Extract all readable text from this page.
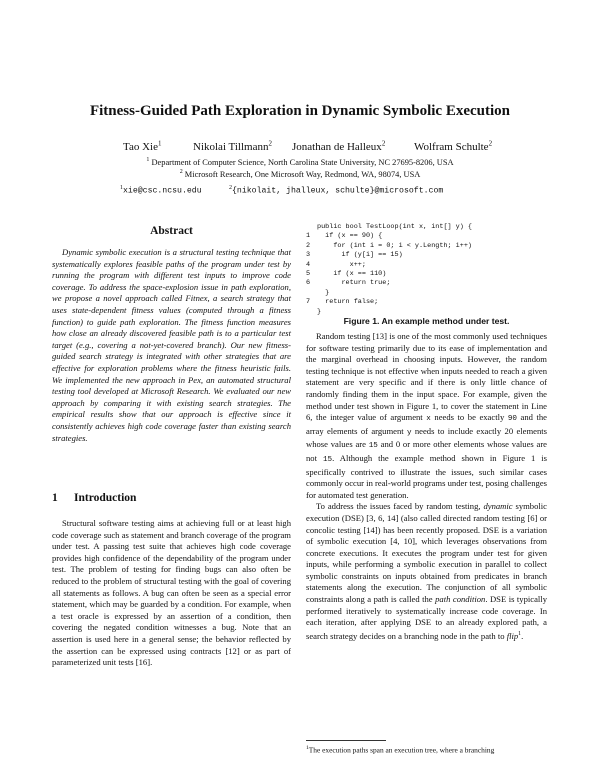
Fitness-Guided Path Exploration in Dynamic Symbolic Execution
Tao Xie$^1$	Nikolai Tillmann$^2$ Jonathan de Halleux$^2$	Wolfram Schulte$^2$
$^1$ Department of Computer Science, North Carolina State University, NC 27695-8206, USA
$^2$ Microsoft Research, One Microsoft Way, Redmond, WA, 98074, USA
$^1$xie@csc.ncsu.edu	$^2${nikolait, jhalleux, schulte}@microsoft.com
Abstract

Dynamic symbolic execution is a structural testing technique that systematically explores feasible paths of the program under test by running the program with different test inputs to improve code coverage. To address the space-explosion issue in path exploration, we propose a novel approach called Fitnex, a search strategy that uses state-dependent fitness values (computed through a fitness function) to guide path exploration. The fitness function measures how close an already discovered feasible path is to a particular test target (e.g., covering a not-yet-covered branch). Our new fitness-guided search strategy is integrated with other strategies that are effective for exploration problems where the fitness heuristic fails. We implemented the new approach in Pex, an automated structural testing tool developed at Microsoft Research. We evaluated our new approach by comparing it with existing search strategies. The empirical results show that our approach is effective since it consistently achieves high code coverage faster than existing search strategies.

1 Introduction

Structural software testing aims at achieving full or at least high code coverage such as statement and branch coverage of the program under test. A passing test suite that achieves high code coverage provides high confidence of the dependability of the program under test. The problem of testing for finding bugs can also often be reduced to the problem of structural testing with the goal of covering all statements as follows. A bug can often be seen as a special error statement, which may be guarded by a condition. For example, when a test oracle is expressed by an assertion of a condition, then covering the negated condition witnesses a bug. Note that an assertion is used here in a general sense; the behavior reflected by the assertion can be expressed using contracts [12] or as part of parameterized unit tests [16].

public bool TestLoop(int x, int[] y) {
1  if (x == 90) {
2    for (int i = 0; i < y.Length; i++)
3      if (y[i] == 15)
4        x++;
5    if (x == 110)
6      return true;
}
7  return false;
}
Figure 1. An example method under test.

Random testing [13] is one of the most commonly used techniques for software testing primarily due to its ease of implementation and the marginal overhead in choosing inputs. However, the random testing technique is not effective when inputs needed to reach a given statement are very specific and if there is only little chance of randomly finding them in the input space. For example, given the method under test shown in Figure 1, to cover the statement in Line 6, the integer value of argument x needs to be exactly 90 and the array elements of argument y needs to include exactly 20 elements whose values are 15 and 0 or more other elements whose values are not 15. Although the example method shown in Figure 1 is specifically contrived to illustrate the issues, such similar cases commonly occur in real-world programs under test, posing challenges for automated test generation.

To address the issues faced by random testing, dynamic symbolic execution (DSE) [3, 6, 14] (also called directed random testing [6] or concolic testing [14]) has been recently proposed. DSE is a variation of symbolic execution [4, 10], which leverages observations from concrete executions. It executes the program under test for given inputs, while performing a symbolic execution in parallel to collect symbolic constraints on inputs obtained from predicates in branch statements along the execution. The conjunction of all symbolic constraints along a path is called the path condition. DSE is typically performed iteratively to systematically increase code coverage. In each iteration, after applying DSE to an already explored path, a search strategy decides on a branching node in the path to flip$^1$.

$^1$The execution paths span an execution tree, where a branching
